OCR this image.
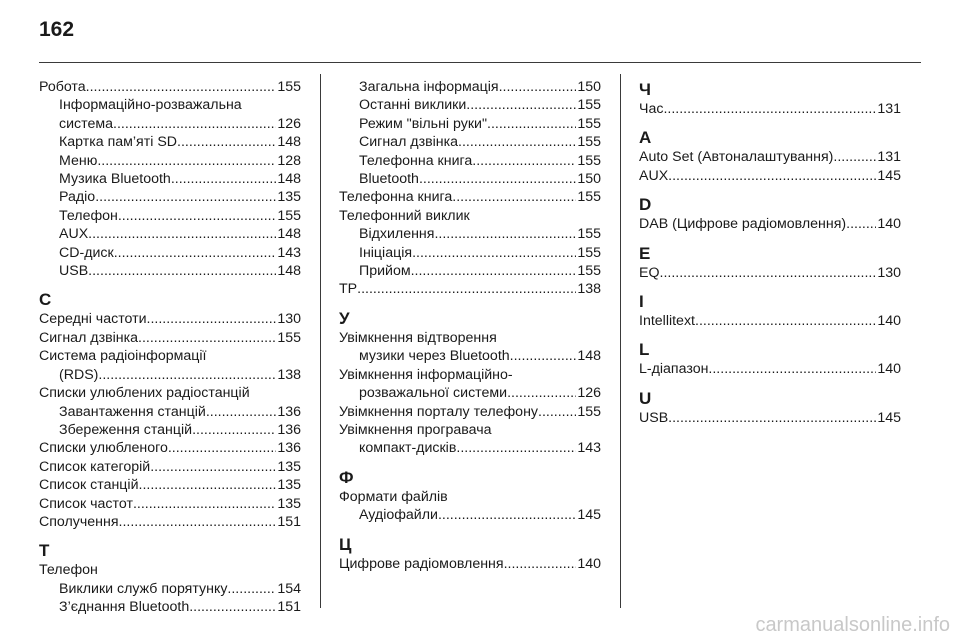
162
Робота .....	155
Інформаційно-розважальна
система .....	126
Картка пам’яті SD .....	148
Меню .....	128
Музика Bluetooth .....	148
Радіо .....	135
Телефон .....	155
AUX .....	148
CD-диск .....	143
USB .....	148
С
Середні частоти .....	130
Сигнал дзвінка .....	155
Система радіоінформації
(RDS) .....	138
Списки улюблених радіостанцій
Завантаження станцій .....	136
Збереження станцій .....	136
Списки улюбленого .....	136
Список категорій .....	135
Список станцій .....	135
Список частот .....	135
Сполучення .....	151
Т
Телефон
Виклики служб порятунку .....	154
З’єднання Bluetooth .....	151
Загальна інформація .....	150
Останні виклики .....	155
Режим "вільні руки" .....	155
Сигнал дзвінка .....	155
Телефонна книга .....	155
Bluetooth .....	150
Телефонна книга .....	155
Телефонний виклик
Відхилення .....	155
Ініціація .....	155
Прийом .....	155
TP .....	138
У
Увімкнення відтворення
музики через Bluetooth .....	148
Увімкнення інформаційно-
розважальної системи .....	126
Увімкнення порталу телефону .....	155
Увімкнення програвача
компакт-дисків .....	143
Ф
Формати файлів
Аудіофайли .....	145
Ц
Цифрове радіомовлення .....	140
Ч
Час .....	131
A
Auto Set (Автоналаштування) .....	131
AUX .....	145
D
DAB (Цифрове радіомовлення) ..... 140
E
EQ .....	130
I
Intellitext .....	140
L
L-діапазон .....	140
U
USB .....	145
carmanualsonline.info
